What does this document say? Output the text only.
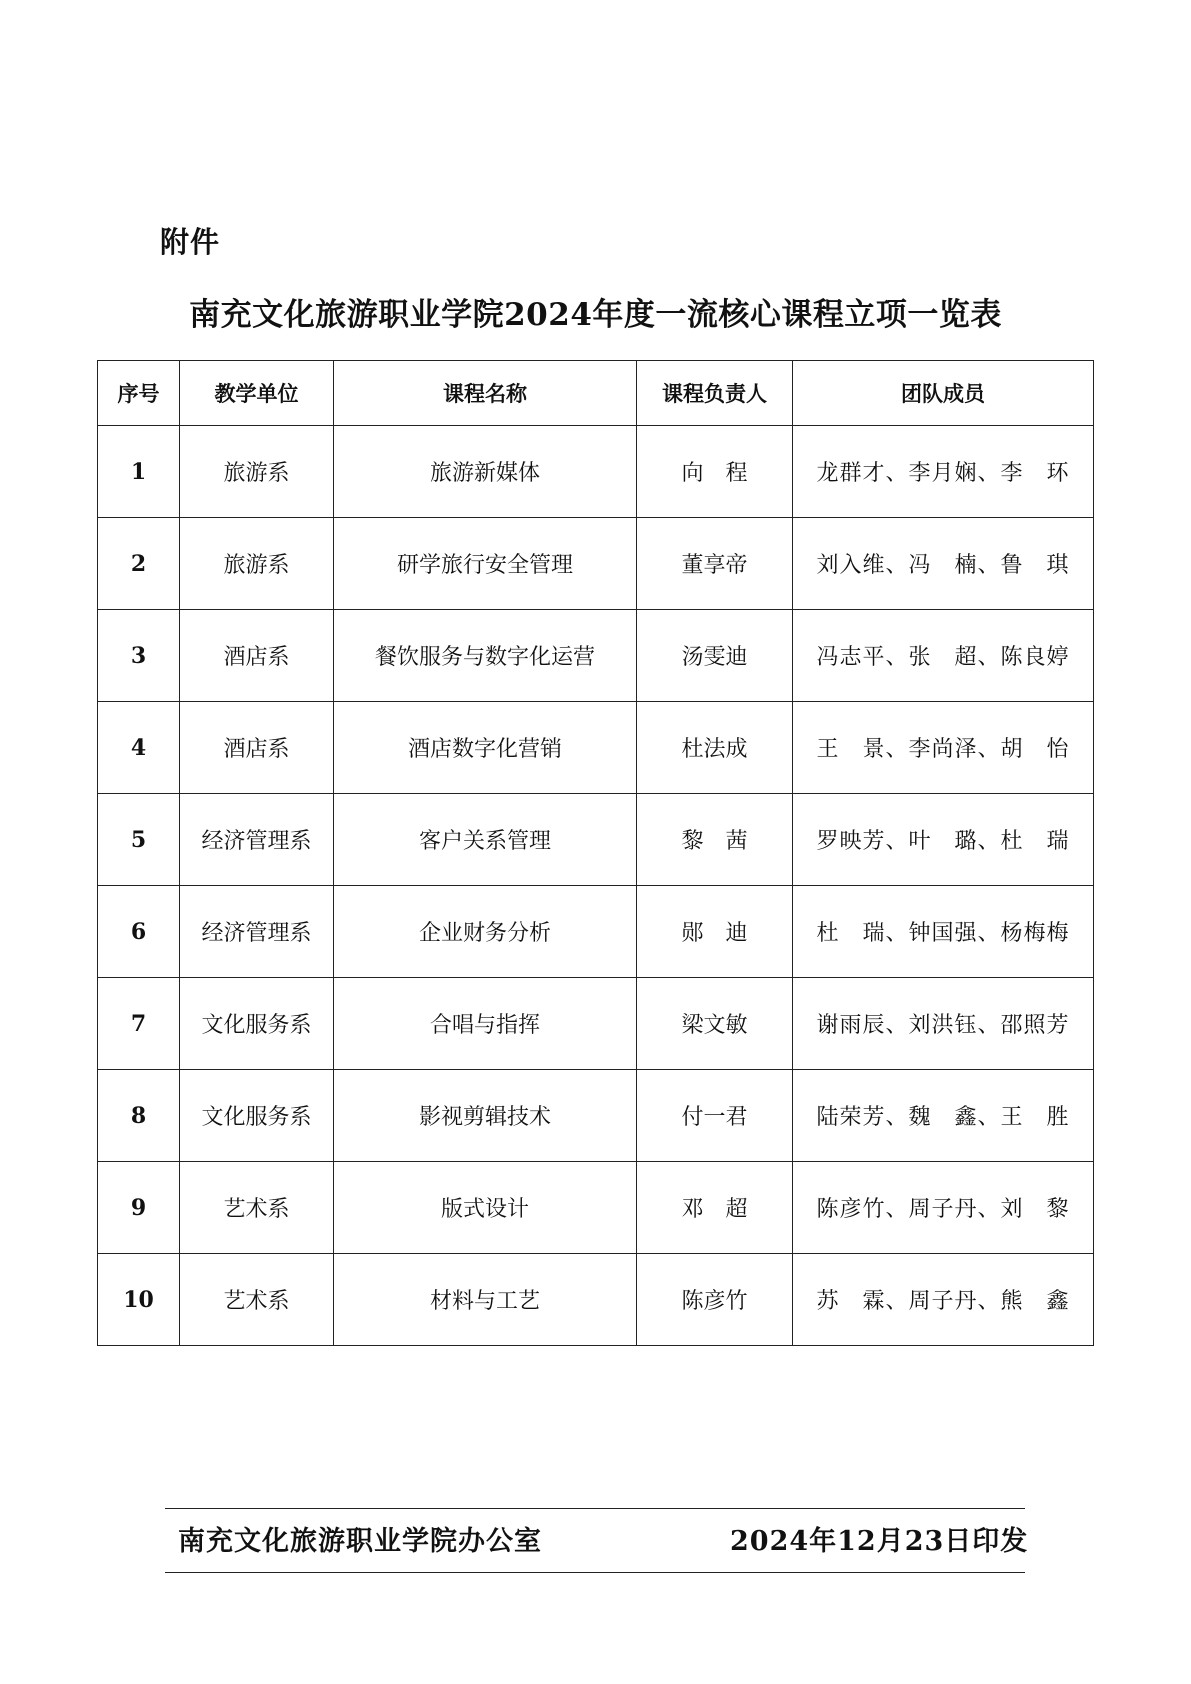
附件
南充文化旅游职业学院2024年度一流核心课程立项一览表
序号	教学单位	课程名称	课程负责人	团队成员
1	旅游系	旅游新媒体	向　程	龙群才、李月娴、李　环
2	旅游系	研学旅行安全管理	董享帝	刘入维、冯　楠、鲁　琪
3	酒店系	餐饮服务与数字化运营	汤雯迪	冯志平、张　超、陈良婷
4	酒店系	酒店数字化营销	杜法成	王　景、李尚泽、胡　怡
5	经济管理系	客户关系管理	黎　茜	罗映芳、叶　璐、杜　瑞
6	经济管理系	企业财务分析	郧　迪	杜　瑞、钟国强、杨梅梅
7	文化服务系	合唱与指挥	梁文敏	谢雨辰、刘洪钰、邵照芳
8	文化服务系	影视剪辑技术	付一君	陆荣芳、魏　鑫、王　胜
9	艺术系	版式设计	邓　超	陈彦竹、周子丹、刘　黎
10	艺术系	材料与工艺	陈彦竹	苏　霖、周子丹、熊　鑫
南充文化旅游职业学院办公室	2024年12月23日印发
